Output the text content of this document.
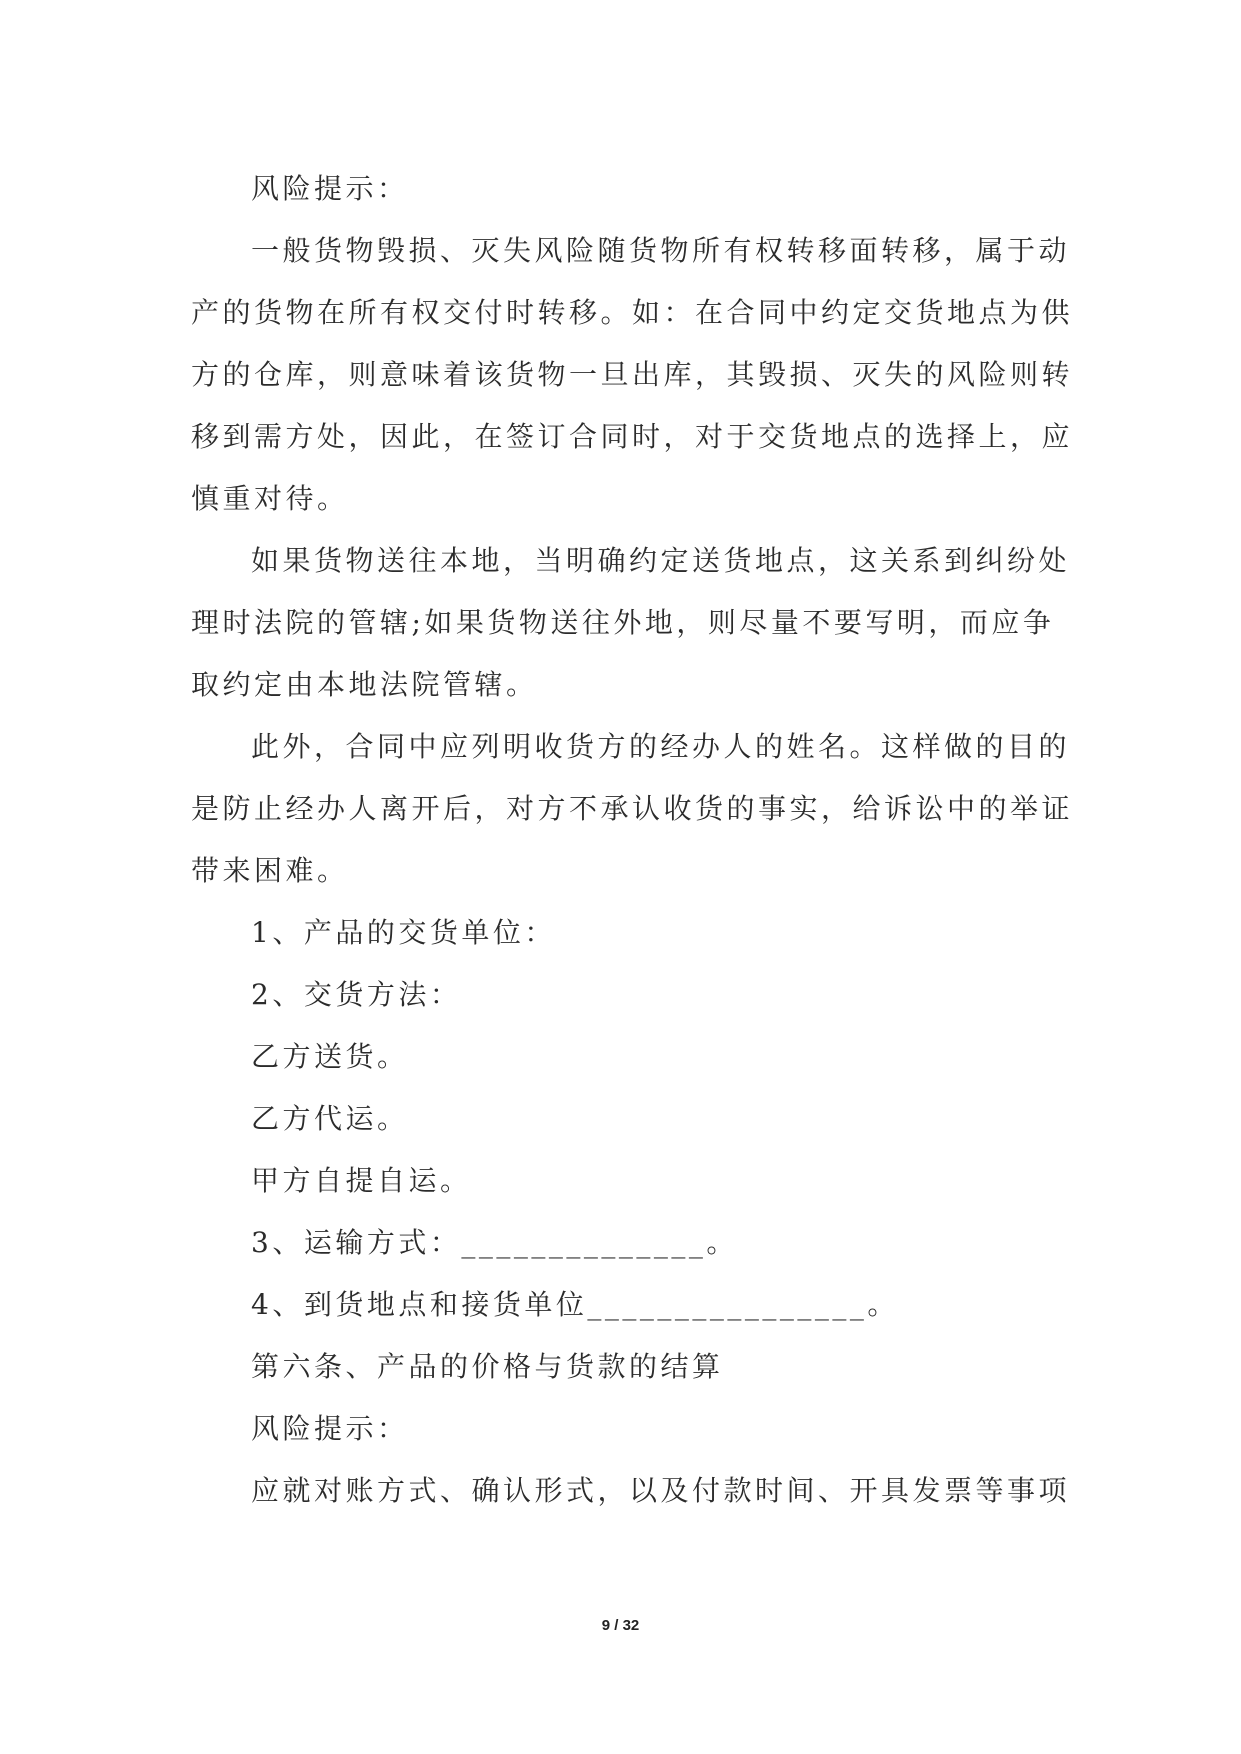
风险提示：
一般货物毁损、灭失风险随货物所有权转移面转移，属于动
产的货物在所有权交付时转移。如：在合同中约定交货地点为供
方的仓库，则意味着该货物一旦出库，其毁损、灭失的风险则转
移到需方处，因此，在签订合同时，对于交货地点的选择上，应
慎重对待。
如果货物送往本地，当明确约定送货地点，这关系到纠纷处
理时法院的管辖;如果货物送往外地，则尽量不要写明，而应争
取约定由本地法院管辖。
此外，合同中应列明收货方的经办人的姓名。这样做的目的
是防止经办人离开后，对方不承认收货的事实，给诉讼中的举证
带来困难。
1、产品的交货单位：
2、交货方法：
乙方送货。
乙方代运。
甲方自提自运。
3、运输方式：______________。
4、到货地点和接货单位________________。
第六条、产品的价格与货款的结算
风险提示：
应就对账方式、确认形式，以及付款时间、开具发票等事项
9 / 32
